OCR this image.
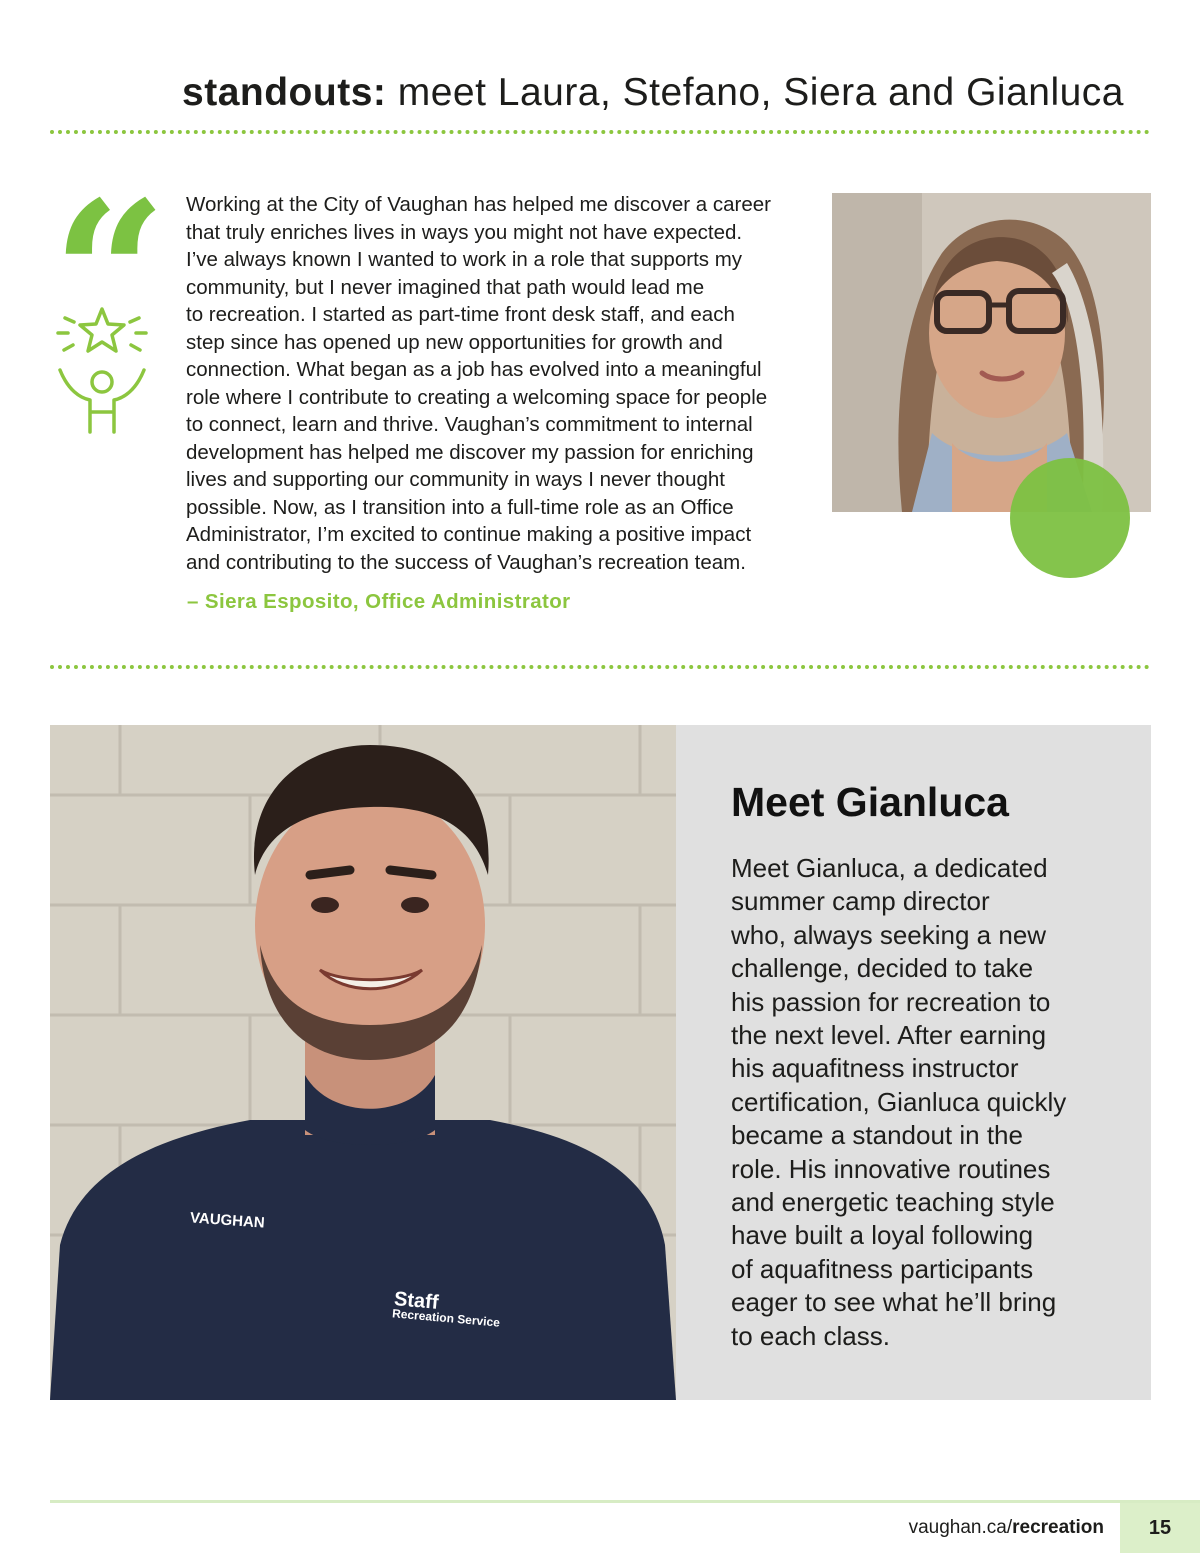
standouts: meet Laura, Stefano, Siera and Gianluca
“ Working at the City of Vaughan has helped me discover a career
that truly enriches lives in ways you might not have expected.
I’ve always known I wanted to work in a role that supports my
community, but I never imagined that path would lead me
to recreation. I started as part-time front desk staff, and each
step since has opened up new opportunities for growth and
connection. What began as a job has evolved into a meaningful
role where I contribute to creating a welcoming space for people
to connect, learn and thrive. Vaughan’s commitment to internal
development has helped me discover my passion for enriching
lives and supporting our community in ways I never thought
possible. Now, as I transition into a full-time role as an Office
Administrator, I’m excited to continue making a positive impact
and contributing to the success of Vaughan’s recreation team.

– Siera Esposito, Office Administrator
VAUGHAN
Staff
Recreation Service
Meet Gianluca

Meet Gianluca, a dedicated
summer camp director
who, always seeking a new
challenge, decided to take
his passion for recreation to
the next level. After earning
his aquafitness instructor
certification, Gianluca quickly
became a standout in the
role. His innovative routines
and energetic teaching style
have built a loyal following
of aquafitness participants
eager to see what he’ll bring
to each class.

vaughan.ca/recreation	15
